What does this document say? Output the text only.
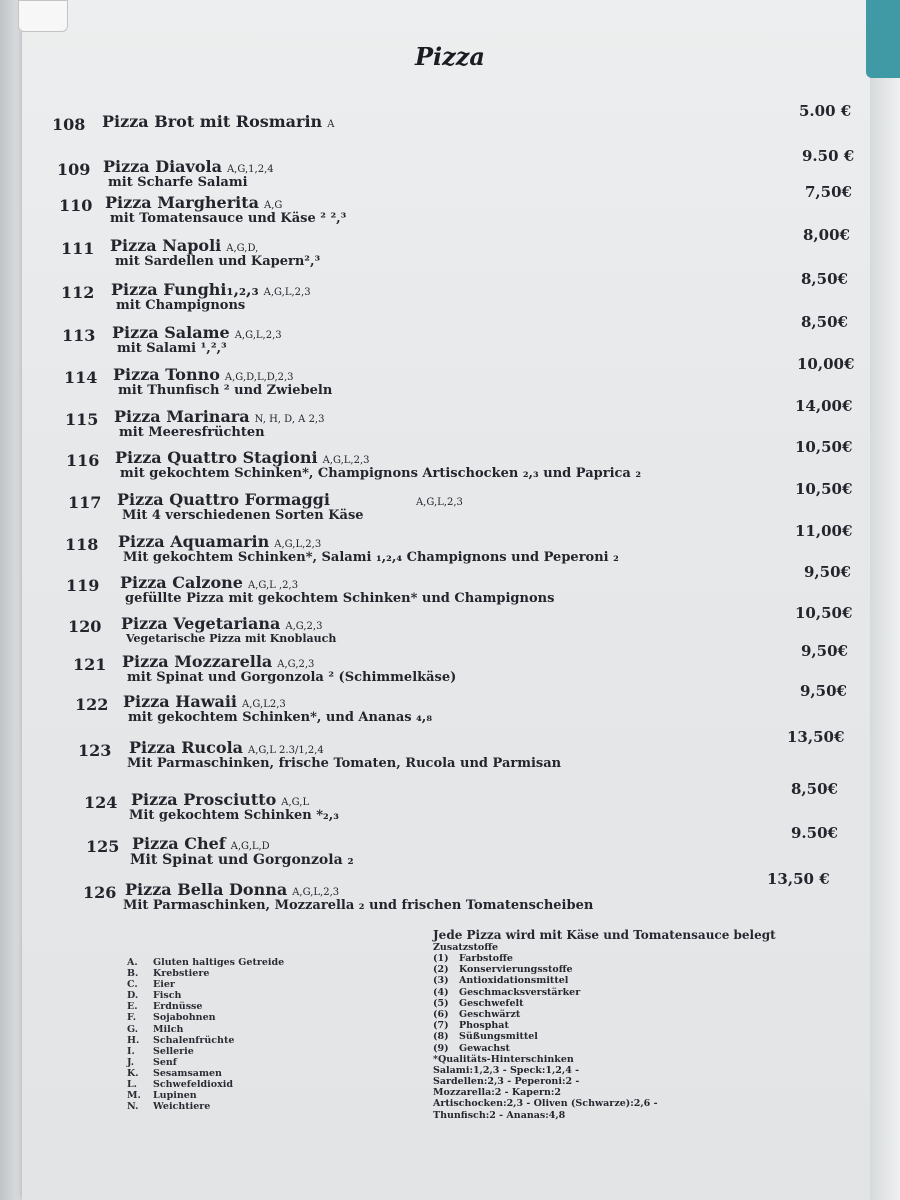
Pizza
108 Pizza Brot mit Rosmarin A
5.00 €
109 Pizza Diavola A,G,1,2,4
mit Scharfe Salami
9.50 €
110 Pizza Margherita A,G
mit Tomatensauce und Käse ² ²,³
7,50€
111 Pizza Napoli A,G,D,
mit Sardellen und Kapern²,³
8,00€
112 Pizza Funghi₁,₂,₃ A,G,L,2,3
mit Champignons
8,50€
113 Pizza Salame A,G,L,2,3
mit Salami ¹,²,³
8,50€
114 Pizza Tonno A,G,D,L,D,2,3
mit Thunfisch ² und Zwiebeln
10,00€
115 Pizza Marinara N, H, D, A 2,3
mit Meeresfrüchten
14,00€
116 Pizza Quattro Stagioni A,G,L,2,3
mit gekochtem Schinken*, Champignons Artischocken ₂,₃ und Paprica ₂
10,50€
117 Pizza Quattro Formaggi	A,G,L,2,3
Mit 4 verschiedenen Sorten Käse
10,50€
118 Pizza Aquamarin A,G,L,2,3
Mit gekochtem Schinken*, Salami ₁,₂,₄ Champignons und Peperoni ₂
11,00€
119 Pizza Calzone A,G,L ,2,3
gefüllte Pizza mit gekochtem Schinken* und Champignons
9,50€
120 Pizza Vegetariana A,G,2,3
Vegetarische Pizza mit Knoblauch
10,50€
121 Pizza Mozzarella A,G,2,3
mit Spinat und Gorgonzola ² (Schimmelkäse)
9,50€
122 Pizza Hawaii A,G,L2,3
mit gekochtem Schinken*, und Ananas ₄,₈
9,50€
123 Pizza Rucola A,G,L 2.3/1,2,4
Mit Parmaschinken, frische Tomaten, Rucola und Parmisan
13,50€
124 Pizza Prosciutto A,G,L
Mit gekochtem Schinken *₂,₃
8,50€
125 Pizza Chef A,G,L,D
Mit Spinat und Gorgonzola ₂
9.50€
126 Pizza Bella Donna A,G,L,2,3
Mit Parmaschinken, Mozzarella ₂ und frischen Tomatenscheiben
13,50 €
A. Gluten haltiges Getreide
B. Krebstiere
C. Eier
D. Fisch
E. Erdnüsse
F. Sojabohnen
G. Milch
H. Schalenfrüchte
I. Sellerie
J. Senf
K. Sesamsamen
L. Schwefeldioxid
M. Lupinen
N. Weichtiere
Jede Pizza wird mit Käse und Tomatensauce belegt
Zusatzstoffe
(1) Farbstoffe
(2) Konservierungsstoffe
(3) Antioxidationsmittel
(4) Geschmacksverstärker
(5) Geschwefelt
(6) Geschwärzt
(7) Phosphat
(8) Süßungsmittel
(9) Gewachst
*Qualitäts-Hinterschinken
Salami:1,2,3 - Speck:1,2,4 -
Sardellen:2,3 - Peperoni:2 -
Mozzarella:2 - Kapern:2
Artischocken:2,3 - Oliven (Schwarze):2,6 -
Thunfisch:2 - Ananas:4,8
